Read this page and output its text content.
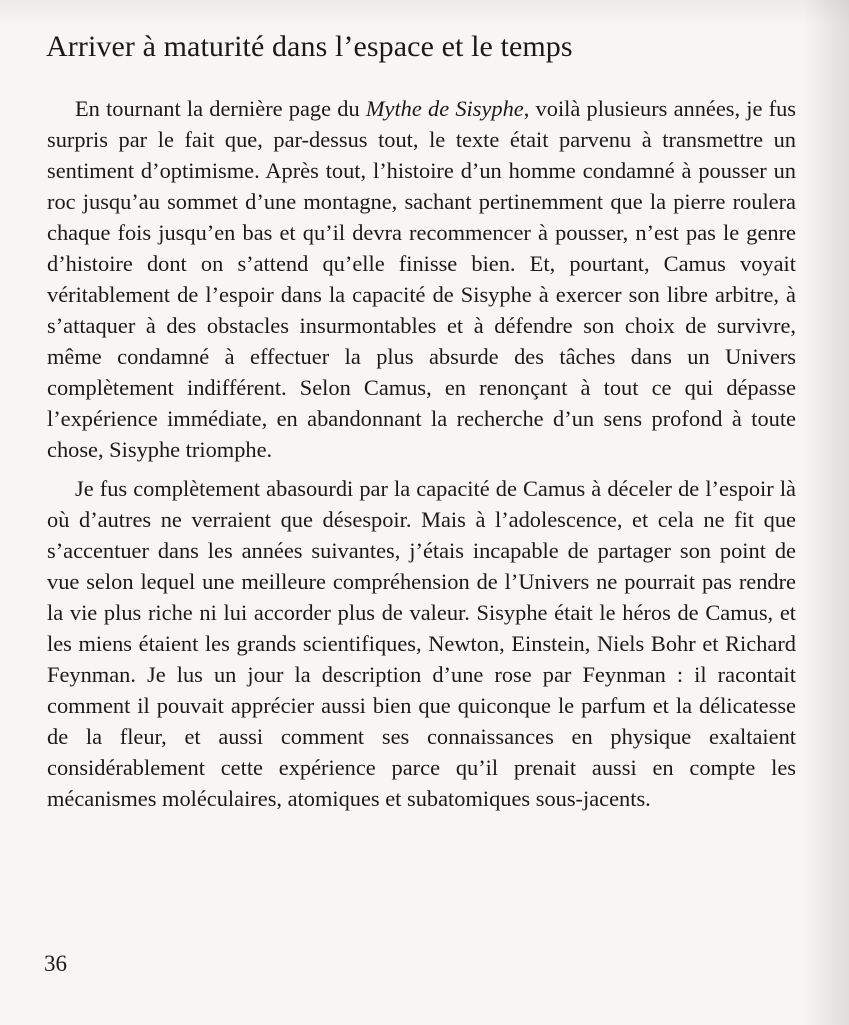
Arriver à maturité dans l’espace et le temps

En tournant la dernière page du Mythe de Sisyphe, voilà plusieurs années, je fus surpris par le fait que, par-dessus tout, le texte était parvenu à transmettre un sentiment d’optimisme. Après tout, l’histoire d’un homme condamné à pousser un roc jusqu’au sommet d’une montagne, sachant pertinemment que la pierre roulera chaque fois jusqu’en bas et qu’il devra recommencer à pousser, n’est pas le genre d’histoire dont on s’attend qu’elle finisse bien. Et, pourtant, Camus voyait véritablement de l’espoir dans la capacité de Sisyphe à exercer son libre arbitre, à s’attaquer à des obstacles insurmontables et à défendre son choix de survivre, même condamné à effectuer la plus absurde des tâches dans un Univers complètement indifférent. Selon Camus, en renonçant à tout ce qui dépasse l’expérience immédiate, en abandonnant la recherche d’un sens profond à toute chose, Sisyphe triomphe.

Je fus complètement abasourdi par la capacité de Camus à déceler de l’espoir là où d’autres ne verraient que désespoir. Mais à l’adolescence, et cela ne fit que s’accentuer dans les années suivantes, j’étais incapable de partager son point de vue selon lequel une meilleure compréhension de l’Univers ne pourrait pas rendre la vie plus riche ni lui accorder plus de valeur. Sisyphe était le héros de Camus, et les miens étaient les grands scientifiques, Newton, Einstein, Niels Bohr et Richard Feynman. Je lus un jour la description d’une rose par Feynman : il racontait comment il pouvait apprécier aussi bien que quiconque le parfum et la délicatesse de la fleur, et aussi comment ses connaissances en physique exaltaient considérablement cette expérience parce qu’il prenait aussi en compte les mécanismes moléculaires, atomiques et subatomiques sous-jacents.

36
